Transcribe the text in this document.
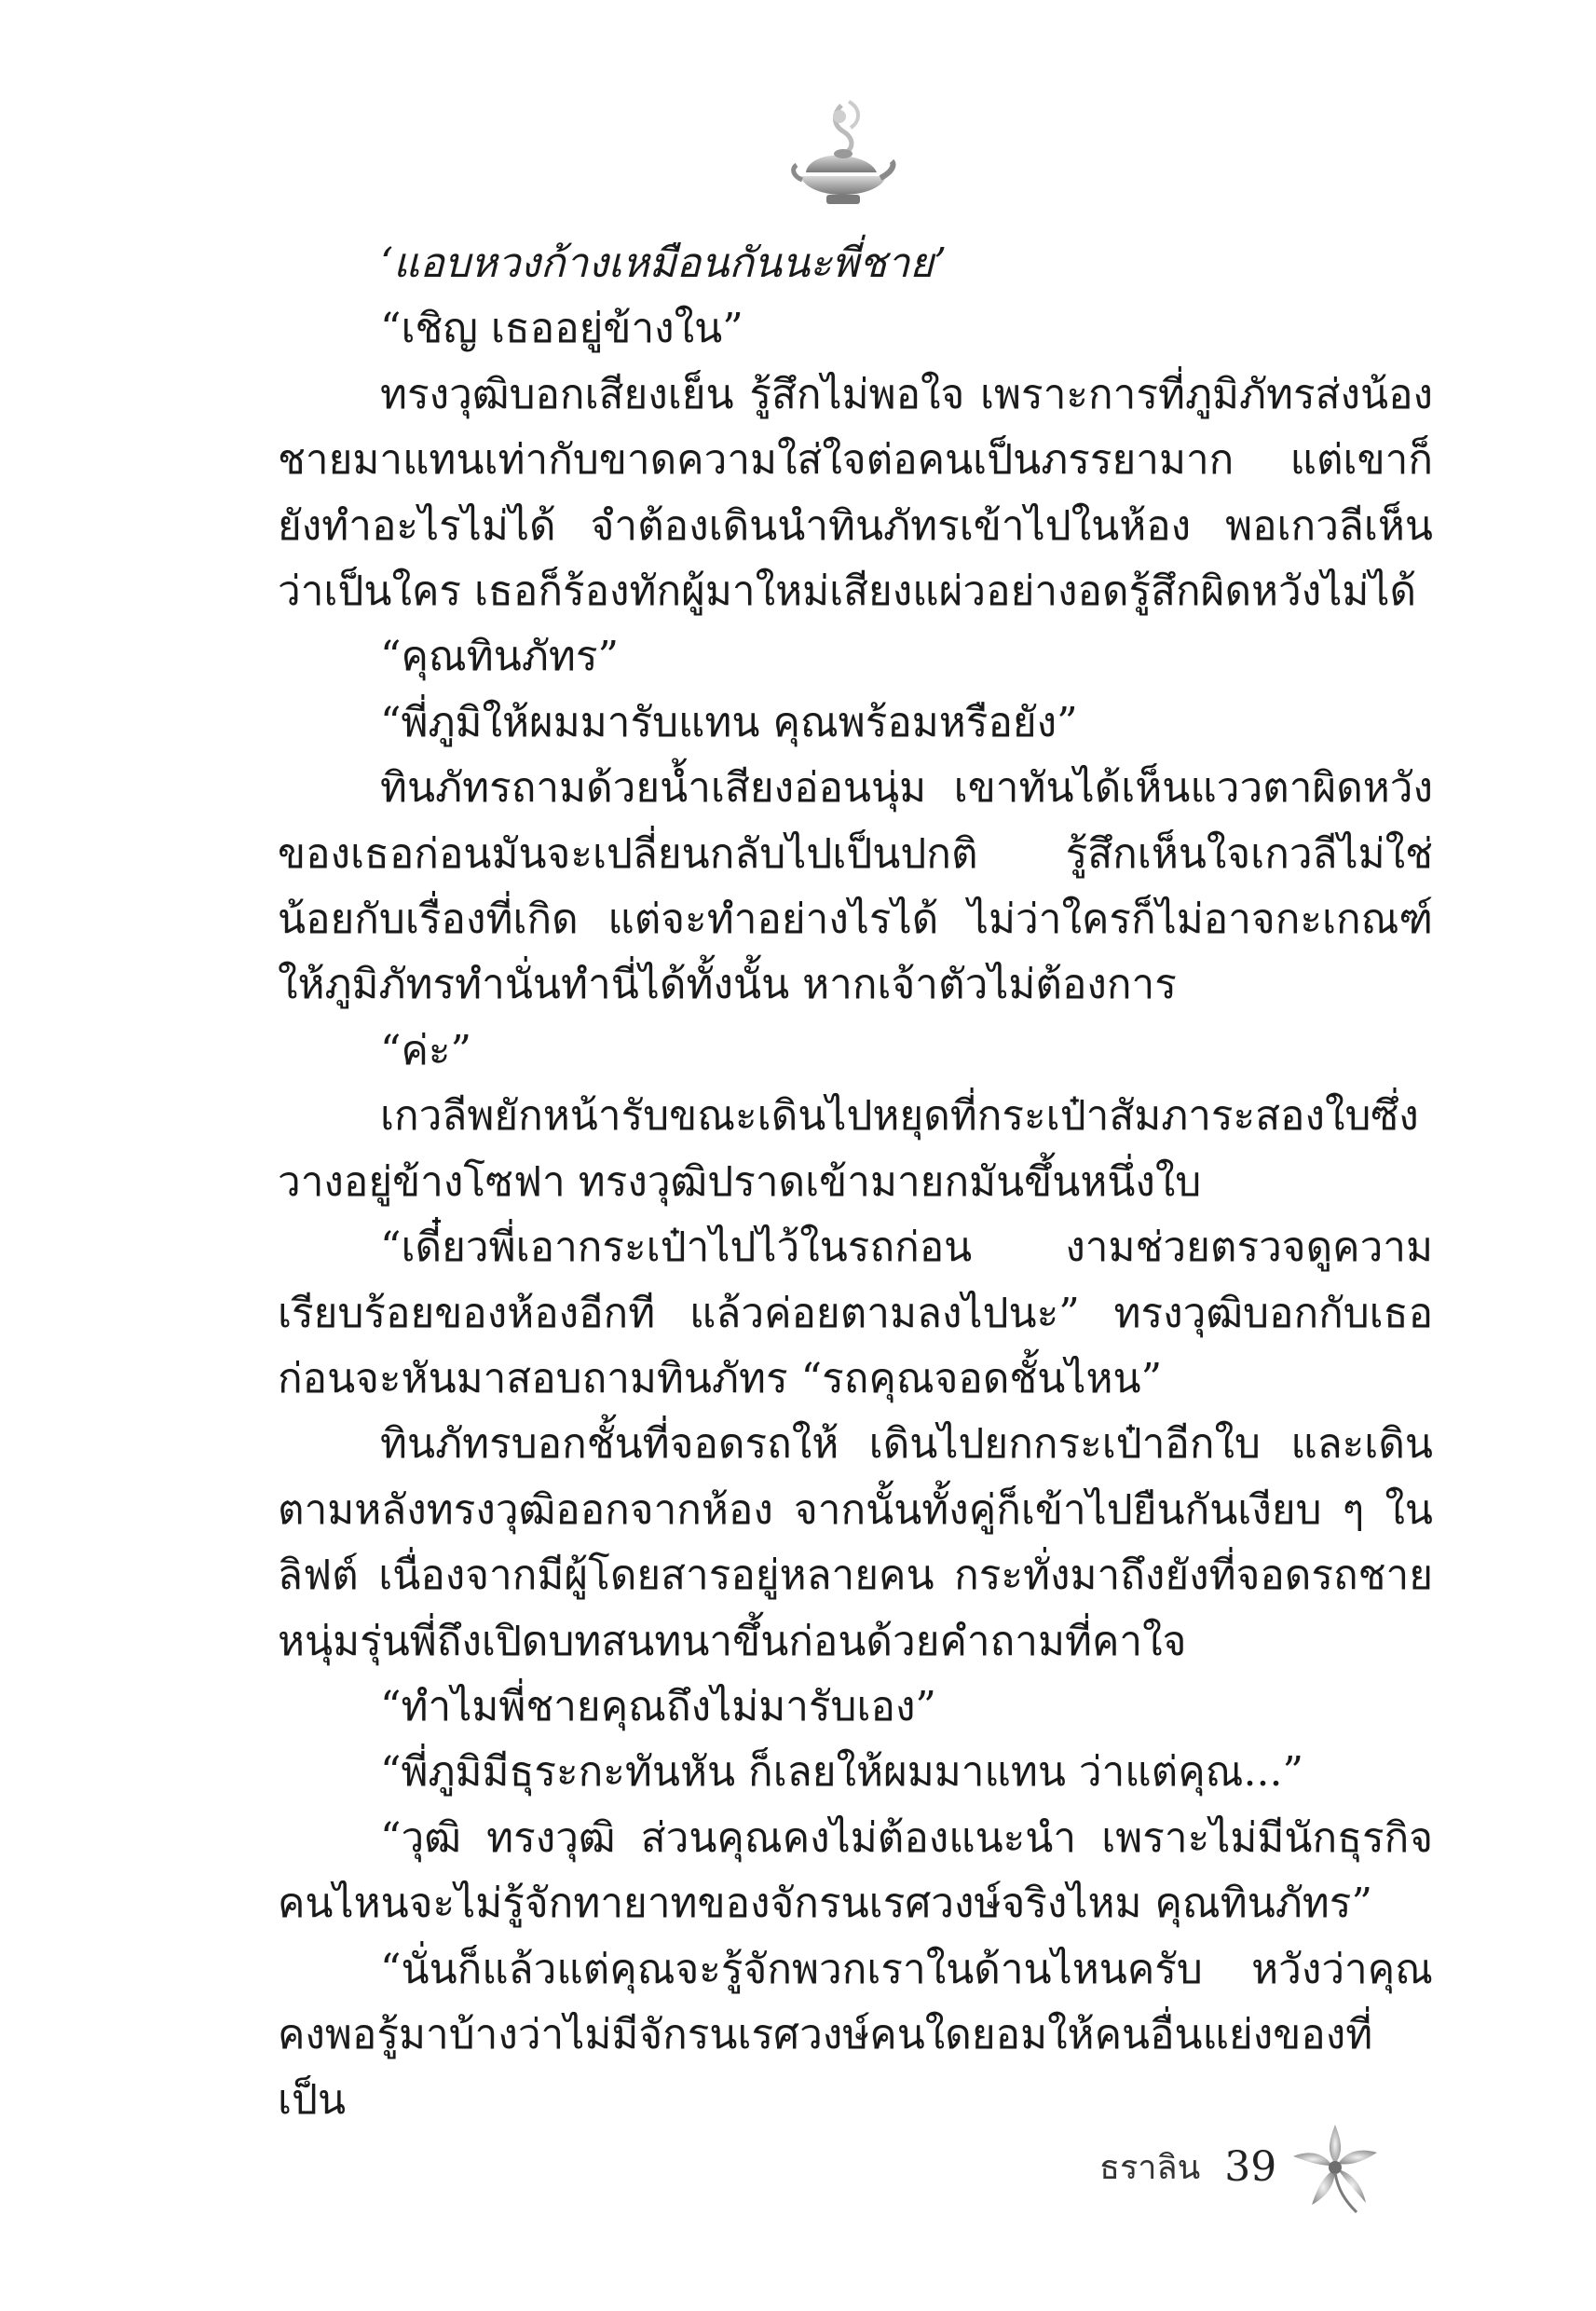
‘แอบหวงก้างเหมือนกันนะพี่ชาย’

“เชิญ เธออยู่ข้างใน”

ทรงวุฒิบอกเสียงเย็น รู้สึกไม่พอใจ เพราะการที่ภูมิภัทรส่งน้องชายมาแทนเท่ากับขาดความใส่ใจต่อคนเป็นภรรยามาก แต่เขาก็ยังทำอะไรไม่ได้ จำต้องเดินนำทินภัทรเข้าไปในห้อง พอเกวลีเห็นว่าเป็นใคร เธอก็ร้องทักผู้มาใหม่เสียงแผ่วอย่างอดรู้สึกผิดหวังไม่ได้

“คุณทินภัทร”

“พี่ภูมิให้ผมมารับแทน คุณพร้อมหรือยัง”

ทินภัทรถามด้วยน้ำเสียงอ่อนนุ่ม เขาทันได้เห็นแววตาผิดหวังของเธอก่อนมันจะเปลี่ยนกลับไปเป็นปกติ รู้สึกเห็นใจเกวลีไม่ใช่น้อยกับเรื่องที่เกิด แต่จะทำอย่างไรได้ ไม่ว่าใครก็ไม่อาจกะเกณฑ์ให้ภูมิภัทรทำนั่นทำนี่ได้ทั้งนั้น หากเจ้าตัวไม่ต้องการ

“ค่ะ”

เกวลีพยักหน้ารับขณะเดินไปหยุดที่กระเป๋าสัมภาระสองใบซึ่งวางอยู่ข้างโซฟา ทรงวุฒิปราดเข้ามายกมันขึ้นหนึ่งใบ

“เดี๋ยวพี่เอากระเป๋าไปไว้ในรถก่อน งามช่วยตรวจดูความเรียบร้อยของห้องอีกที แล้วค่อยตามลงไปนะ” ทรงวุฒิบอกกับเธอก่อนจะหันมาสอบถามทินภัทร “รถคุณจอดชั้นไหน”

ทินภัทรบอกชั้นที่จอดรถให้ เดินไปยกกระเป๋าอีกใบ และเดินตามหลังทรงวุฒิออกจากห้อง จากนั้นทั้งคู่ก็เข้าไปยืนกันเงียบ ๆ ในลิฟต์ เนื่องจากมีผู้โดยสารอยู่หลายคน กระทั่งมาถึงยังที่จอดรถชายหนุ่มรุ่นพี่ถึงเปิดบทสนทนาขึ้นก่อนด้วยคำถามที่คาใจ

“ทำไมพี่ชายคุณถึงไม่มารับเอง”

“พี่ภูมิมีธุระกะทันหัน ก็เลยให้ผมมาแทน ว่าแต่คุณ...”

“วุฒิ ทรงวุฒิ ส่วนคุณคงไม่ต้องแนะนำ เพราะไม่มีนักธุรกิจคนไหนจะไม่รู้จักทายาทของจักรนเรศวงษ์จริงไหม คุณทินภัทร”

“นั่นก็แล้วแต่คุณจะรู้จักพวกเราในด้านไหนครับ หวังว่าคุณคงพอรู้มาบ้างว่าไม่มีจักรนเรศวงษ์คนใดยอมให้คนอื่นแย่งของที่เป็น

ธราลิน 39
